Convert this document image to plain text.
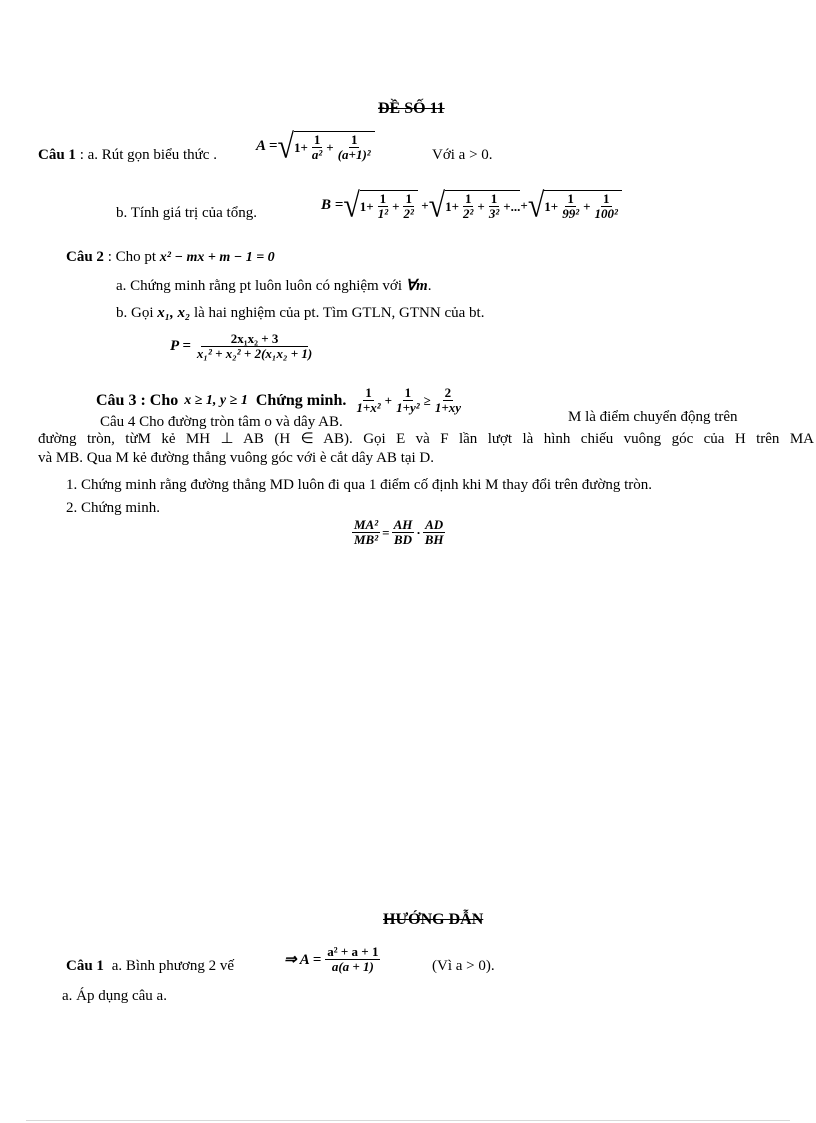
ĐỀ SỐ 11
Câu 1 : a. Rút gọn biểu thức .
A = √ $1+ \frac{1}{\text{a²}} + \frac{1}{\text{(a+1)²}}$	Với a > 0.
b. Tính giá trị của tổng.	B = √ $1+ \frac{1}{\text{1²}} + \frac{1}{\text{2²}}$ + √ $1+ \frac{1}{\text{2²}} + \frac{1}{\text{3²}}$ +... + √ $1+ \frac{1}{\text{99²}} + \frac{1}{\text{100²}}$
Câu 2 : Cho pt x² − mx + m − 1 = 0
a. Chứng minh rằng pt luôn luôn có nghiệm với ∀m.
b. Gọi x₁, x₂ là hai nghiệm của pt. Tìm GTLN, GTNN của bt.
$P = \frac{\text{2x₁x₂ + 3}}{\text{x₁² + x₂² + 2(x₁x₂ + 1)}}$
Câu 3 : Cho x ≥ 1, y ≥ 1 Chứng minh. $\frac{1}{\text{1+x²}} + \frac{1}{\text{1+y²}} \ge \frac{2}{1+xy}$
Câu 4 Cho đường tròn tâm o và dây AB.	M là điểm chuyển động trên
đường tròn, từM kẻ MH ⊥ AB (H ∈ AB). Gọi E và F lần lượt là hình chiếu vuông góc của H trên MA
và MB. Qua M kẻ đường thẳng vuông góc với è cắt dây AB tại D.
1. Chứng minh rằng đường thẳng MD luôn đi qua 1 điểm cố định khi M thay đổi trên đường tròn.
2. Chứng minh.
$\frac{\text{MA²}}{\text{MB²}} = \frac{AH}{BD} \cdot \frac{AD}{BH}$
HƯỚNG DẪN
Câu 1 a. Bình phương 2 vế	⇒ $A = \frac{\text{a² + a + 1}}{a(a + 1)}$	(Vì a > 0).
a. Áp dụng câu a.
